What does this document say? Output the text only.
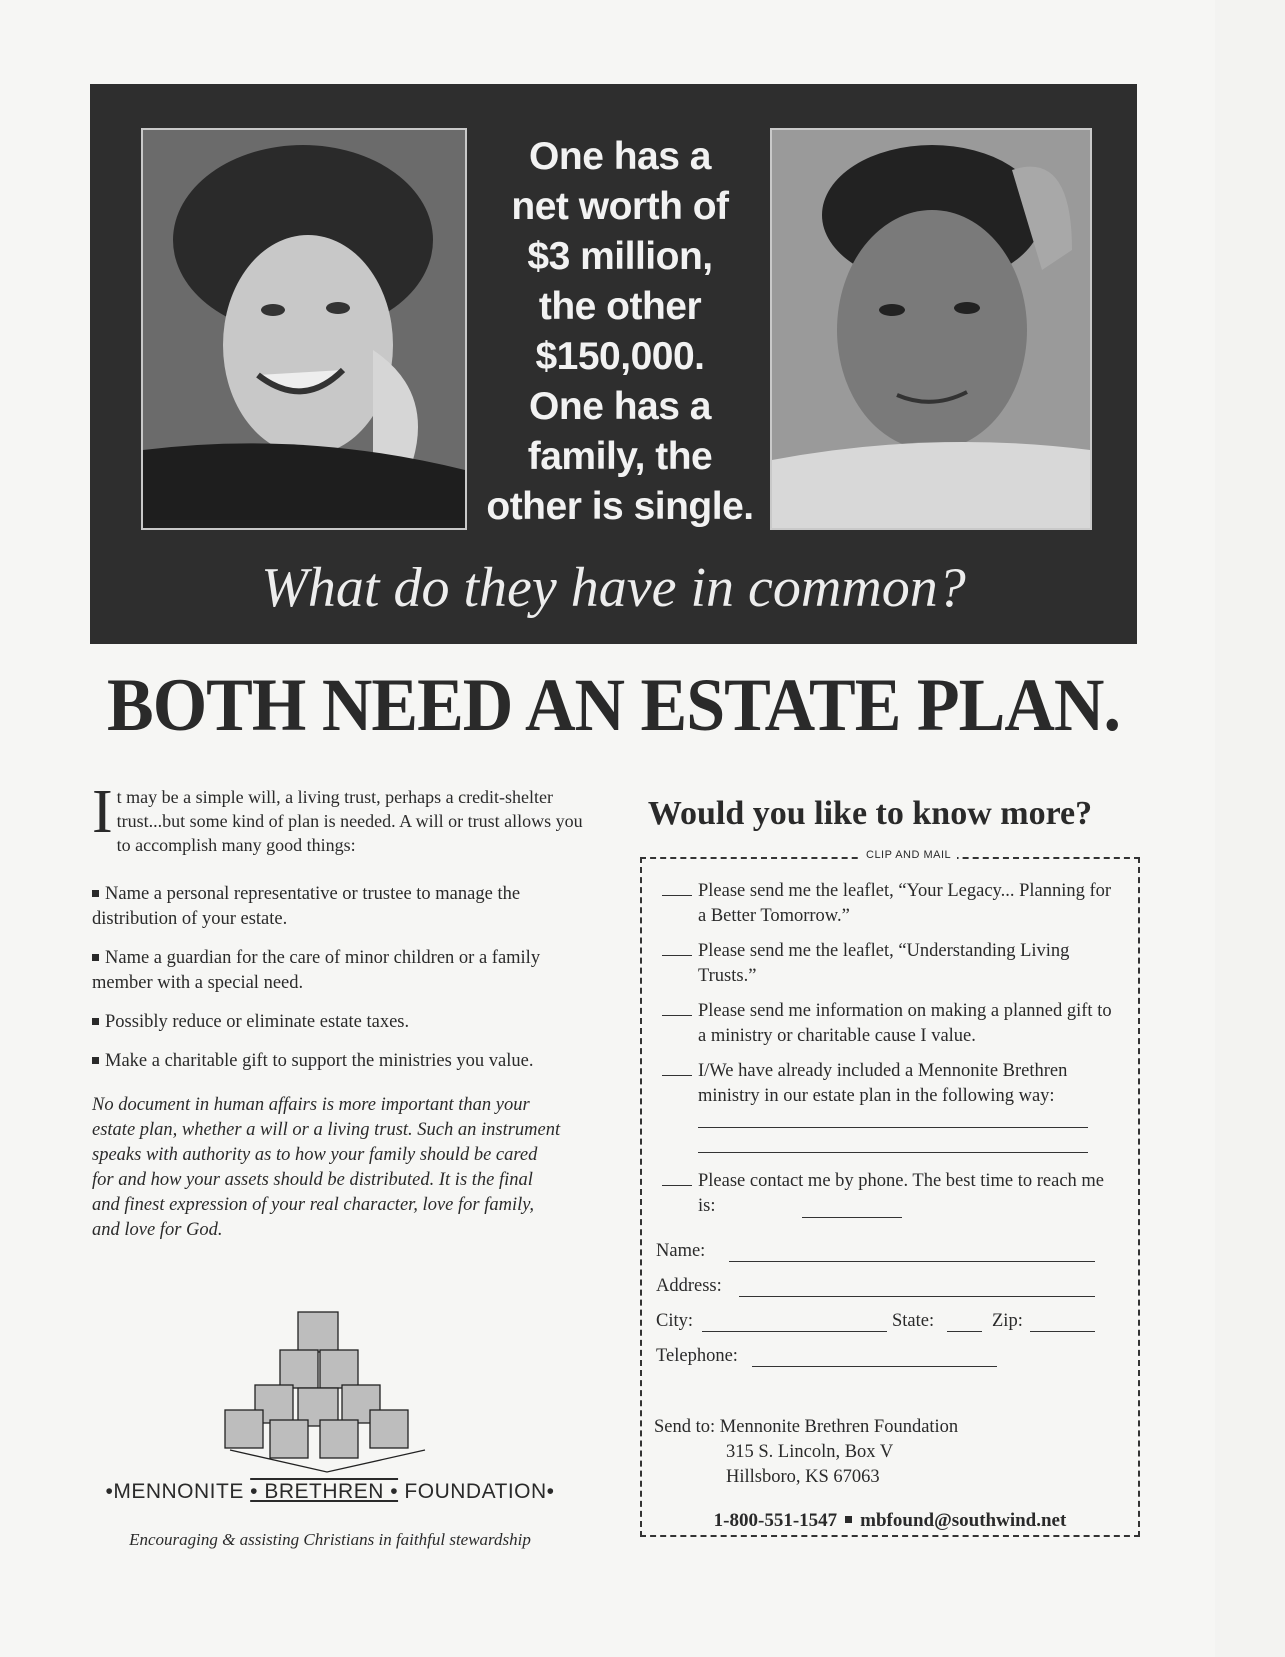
One has a
net worth of
$3 million,
the other
$150,000.
One has a
family, the
other is single.
What do they have in common?
BOTH NEED AN ESTATE PLAN.
I t may be a simple will, a living trust, perhaps a credit-shelter trust...but some kind of plan is needed. A will or trust allows you to accomplish many good things:
Name a personal representative or trustee to manage the distribution of your estate.
Name a guardian for the care of minor children or a family member with a special need.
Possibly reduce or eliminate estate taxes.
Make a charitable gift to support the ministries you value.
No document in human affairs is more important than your estate plan, whether a will or a living trust. Such an instrument speaks with authority as to how your family should be cared for and how your assets should be distributed. It is the final and finest expression of your real character, love for family, and love for God.
•MENNONITE • BRETHREN • FOUNDATION•
Encouraging & assisting Christians in faithful stewardship
Would you like to know more?
CLIP AND MAIL
Please send me the leaflet, “Your Legacy... Planning for a Better Tomorrow.”
Please send me the leaflet, “Understanding Living Trusts.”
Please send me information on making a planned gift to a ministry or charitable cause I value.
I/We have already included a Mennonite Brethren ministry in our estate plan in the following way:
Please contact me by phone. The best time to reach me is:
Name:
Address:
City:	State:	Zip:
Telephone:
Send to: Mennonite Brethren Foundation
315 S. Lincoln, Box V
Hillsboro, KS 67063
1-800-551-1547 mbfound@southwind.net
